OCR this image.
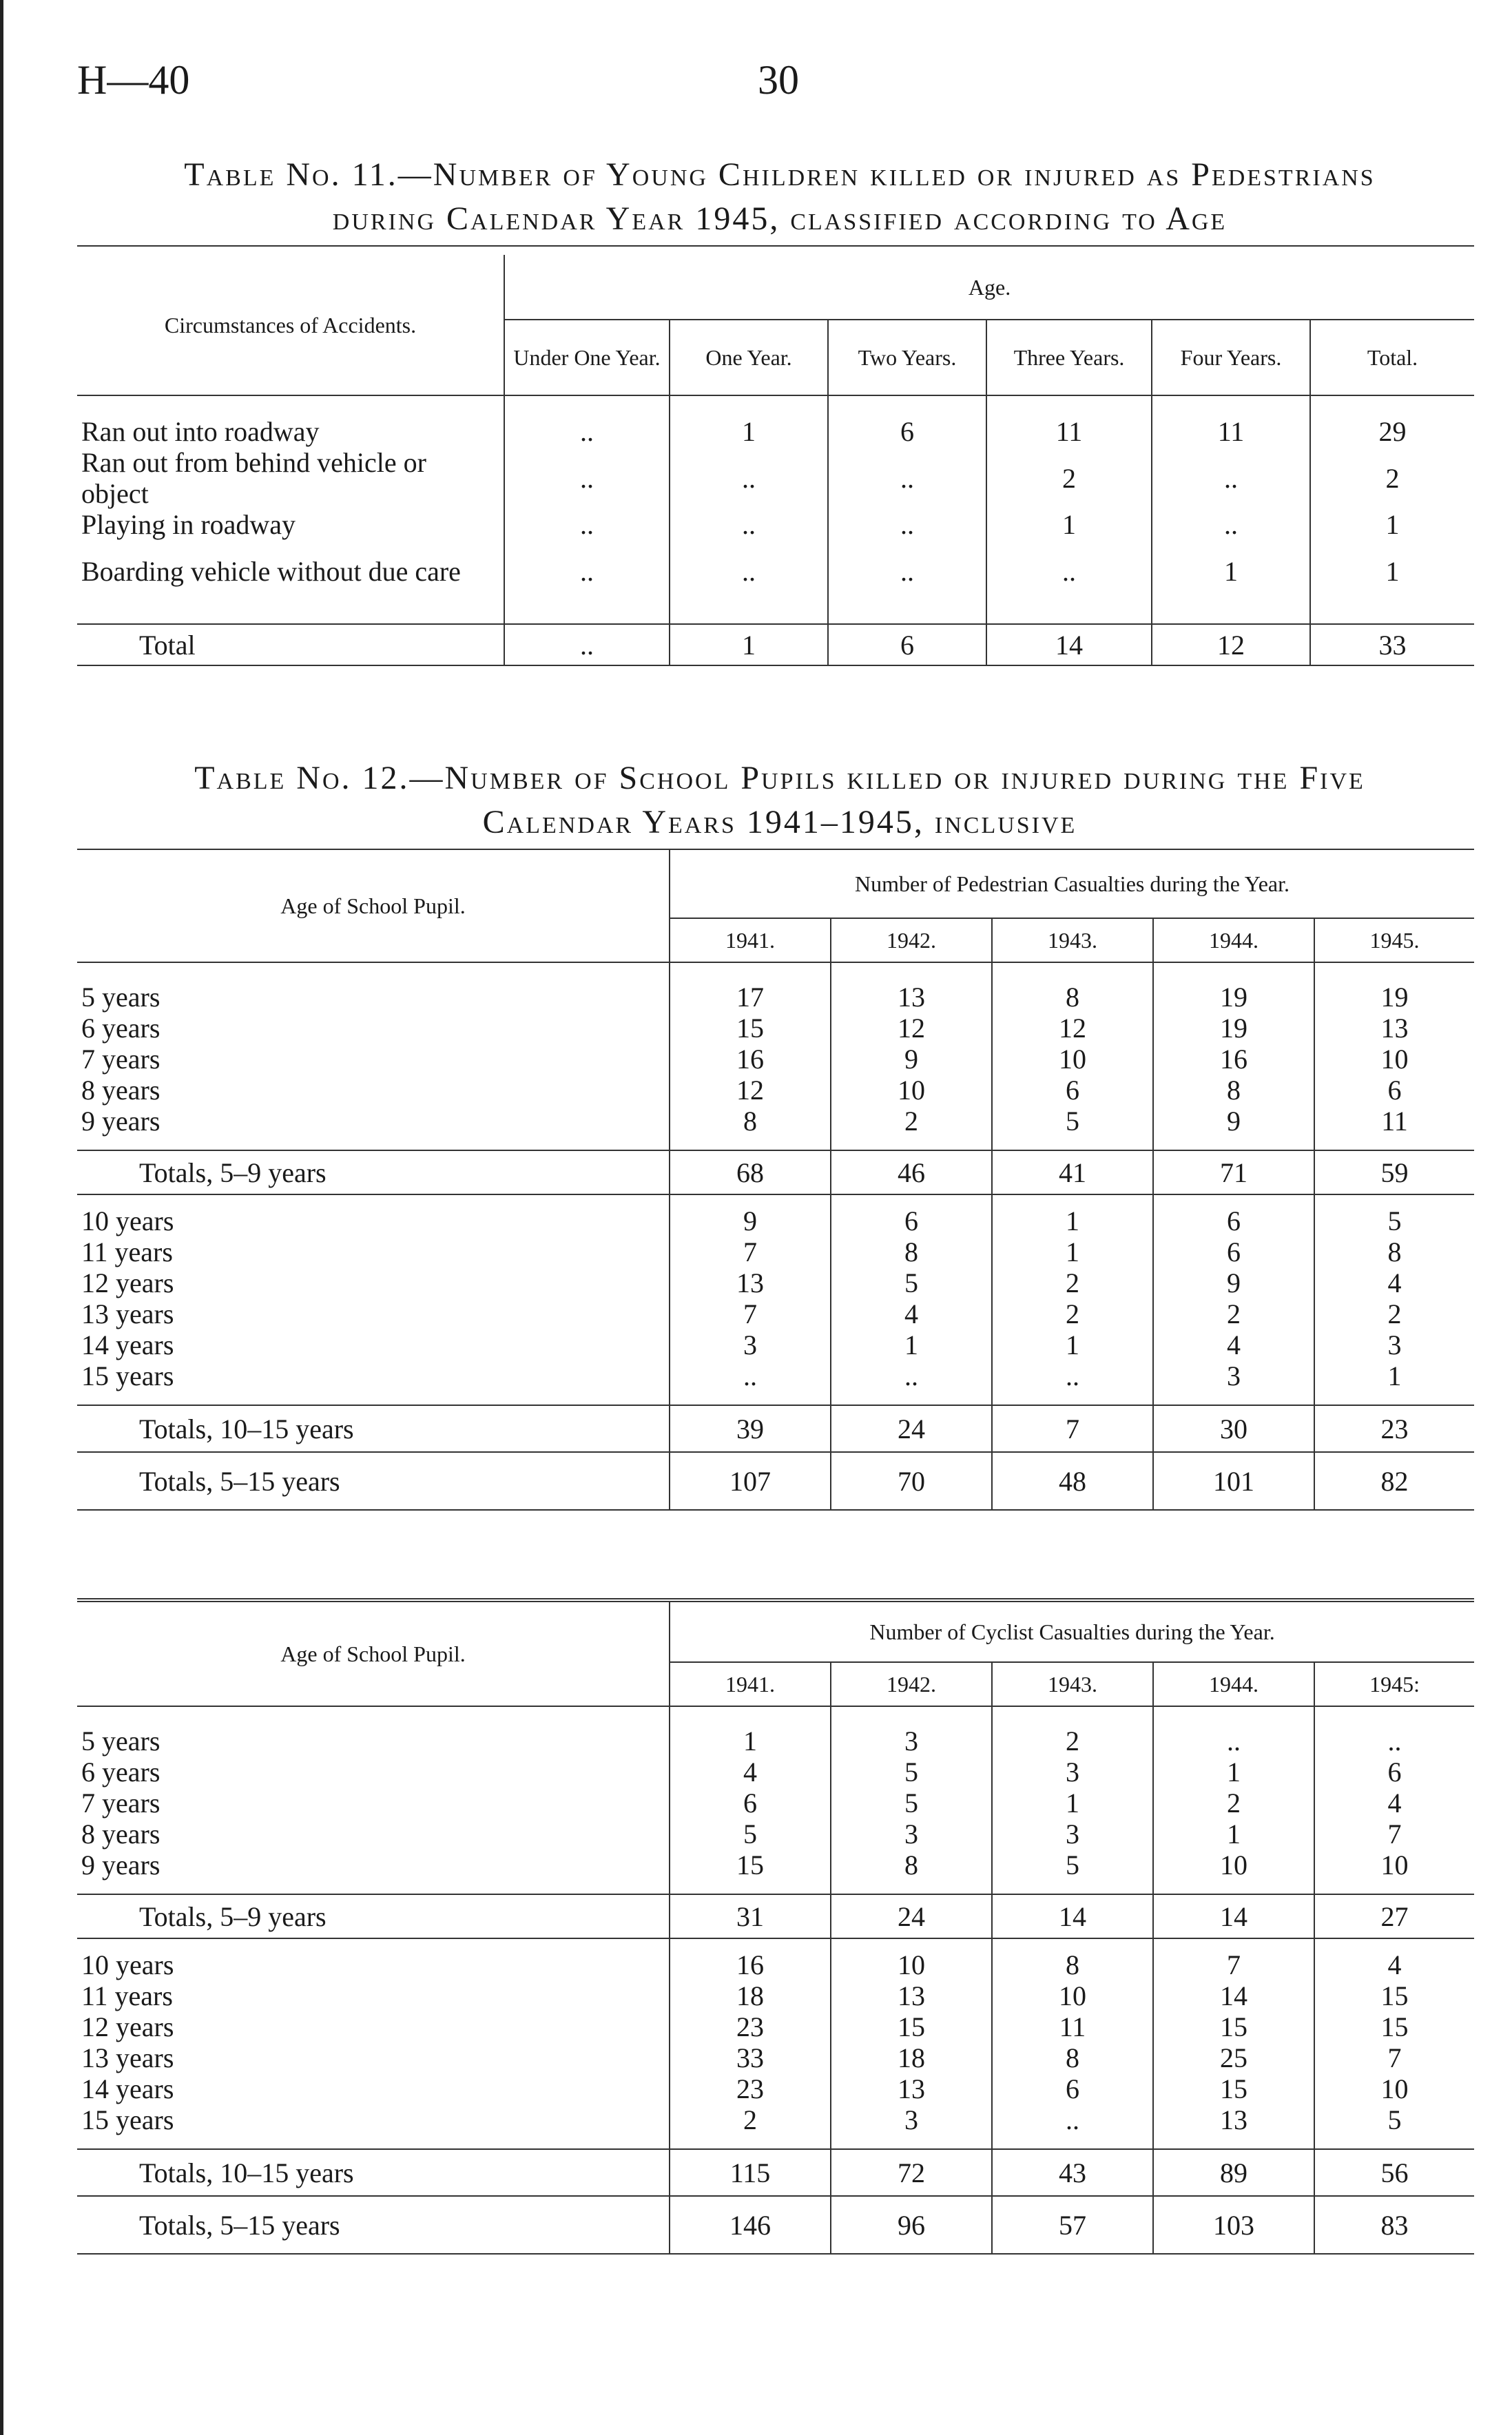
H—40	30
Table No. 11.—Number of Young Children killed or injured as Pedestrians
during Calendar Year 1945, classified according to Age
Circumstances of Accidents.	Age.					
	Under One Year.	One Year.	Two Years.	Three Years.	Four Years.	Total.

Ran out into roadway	..	1	6	11	11	29
Ran out from behind vehicle or object	..	..	..	2	..	2
Playing in roadway	..	..	..	1	..	1
Boarding vehicle without due care	..	..	..	..	1	1

Total	..	1	6	14	12	33
Table No. 12.—Number of School Pupils killed or injured during the Five
Calendar Years 1941–1945, inclusive
Age of School Pupil.	Number of Pedestrian Casualties during the Year.				
	1941.	1942.	1943.	1944.	1945.

5 years	17	13	8	19	19
6 years	15	12	12	19	13
7 years	16	9	10	16	10
8 years	12	10	6	8	6
9 years	8	2	5	9	11

Totals, 5–9 years	68	46	41	71	59

10 years	9	6	1	6	5
11 years	7	8	1	6	8
12 years	13	5	2	9	4
13 years	7	4	2	2	2
14 years	3	1	1	4	3
15 years	..	..	..	3	1

Totals, 10–15 years	39	24	7	30	23
Totals, 5–15 years	107	70	48	101	82
Age of School Pupil.	Number of Cyclist Casualties during the Year.				
	1941.	1942.	1943.	1944.	1945:

5 years	1	3	2	..	..
6 years	4	5	3	1	6
7 years	6	5	1	2	4
8 years	5	3	3	1	7
9 years	15	8	5	10	10

Totals, 5–9 years	31	24	14	14	27

10 years	16	10	8	7	4
11 years	18	13	10	14	15
12 years	23	15	11	15	15
13 years	33	18	8	25	7
14 years	23	13	6	15	10
15 years	2	3	..	13	5

Totals, 10–15 years	115	72	43	89	56
Totals, 5–15 years	146	96	57	103	83
